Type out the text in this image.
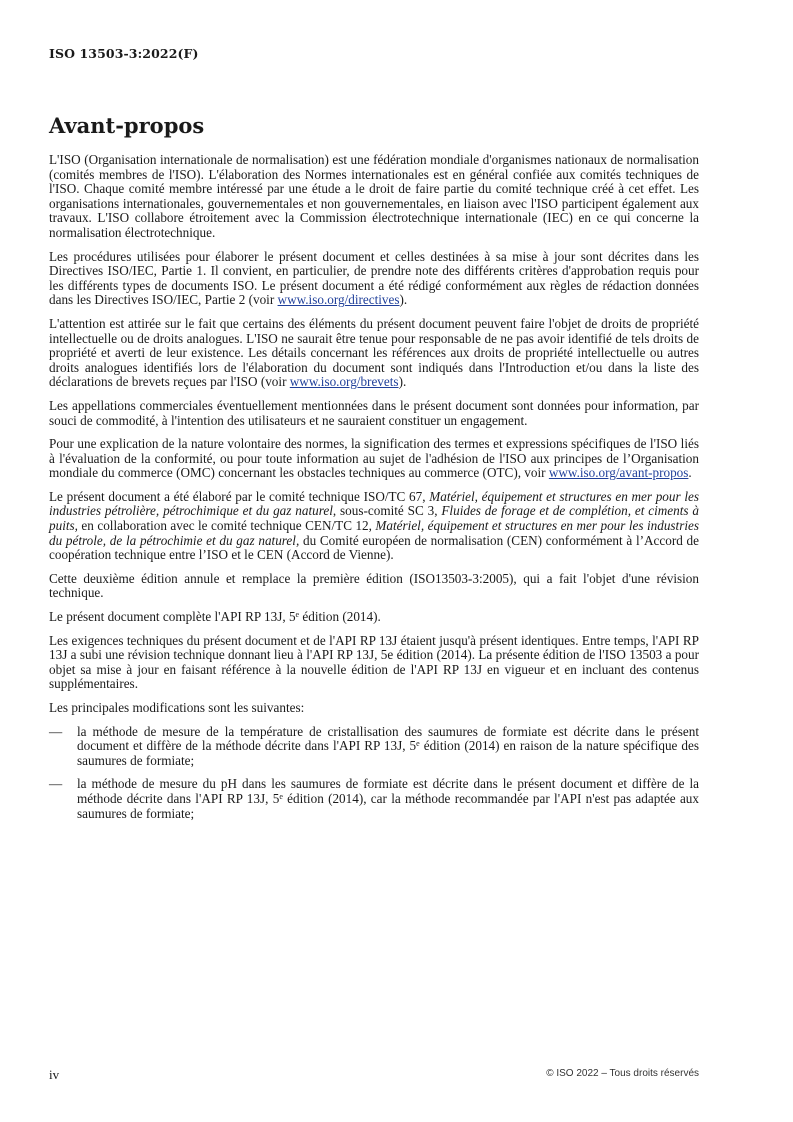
ISO 13503-3:2022(F)
Avant-propos

L'ISO (Organisation internationale de normalisation) est une fédération mondiale d'organismes nationaux de normalisation (comités membres de l'ISO). L'élaboration des Normes internationales est en général confiée aux comités techniques de l'ISO. Chaque comité membre intéressé par une étude a le droit de faire partie du comité technique créé à cet effet. Les organisations internationales, gouvernementales et non gouvernementales, en liaison avec l'ISO participent également aux travaux. L'ISO collabore étroitement avec la Commission électrotechnique internationale (IEC) en ce qui concerne la normalisation électrotechnique.

Les procédures utilisées pour élaborer le présent document et celles destinées à sa mise à jour sont décrites dans les Directives ISO/IEC, Partie 1. Il convient, en particulier, de prendre note des différents critères d'approbation requis pour les différents types de documents ISO. Le présent document a été rédigé conformément aux règles de rédaction données dans les Directives ISO/IEC, Partie 2 (voir www.iso.org/directives).

L'attention est attirée sur le fait que certains des éléments du présent document peuvent faire l'objet de droits de propriété intellectuelle ou de droits analogues. L'ISO ne saurait être tenue pour responsable de ne pas avoir identifié de tels droits de propriété et averti de leur existence. Les détails concernant les références aux droits de propriété intellectuelle ou autres droits analogues identifiés lors de l'élaboration du document sont indiqués dans l'Introduction et/ou dans la liste des déclarations de brevets reçues par l'ISO (voir www.iso.org/brevets).

Les appellations commerciales éventuellement mentionnées dans le présent document sont données pour information, par souci de commodité, à l'intention des utilisateurs et ne sauraient constituer un engagement.

Pour une explication de la nature volontaire des normes, la signification des termes et expressions spécifiques de l'ISO liés à l'évaluation de la conformité, ou pour toute information au sujet de l'adhésion de l'ISO aux principes de l’Organisation mondiale du commerce (OMC) concernant les obstacles techniques au commerce (OTC), voir www.iso.org/avant-propos.

Le présent document a été élaboré par le comité technique ISO/TC 67, Matériel, équipement et structures en mer pour les industries pétrolière, pétrochimique et du gaz naturel, sous-comité SC 3, Fluides de forage et de complétion, et ciments à puits, en collaboration avec le comité technique CEN/TC 12, Matériel, équipement et structures en mer pour les industries du pétrole, de la pétrochimie et du gaz naturel, du Comité européen de normalisation (CEN) conformément à l’Accord de coopération technique entre l’ISO et le CEN (Accord de Vienne).

Cette deuxième édition annule et remplace la première édition (ISO13503-3:2005), qui a fait l'objet d'une révision technique.

Le présent document complète l'API RP 13J, 5e édition (2014).

Les exigences techniques du présent document et de l'API RP 13J étaient jusqu'à présent identiques. Entre temps, l'API RP 13J a subi une révision technique donnant lieu à l'API RP 13J, 5e édition (2014). La présente édition de l'ISO 13503 a pour objet sa mise à jour en faisant référence à la nouvelle édition de l'API RP 13J en vigueur et en incluant des contenus supplémentaires.

Les principales modifications sont les suivantes:

— la méthode de mesure de la température de cristallisation des saumures de formiate est décrite dans le présent document et diffère de la méthode décrite dans l'API RP 13J, 5e édition (2014) en raison de la nature spécifique des saumures de formiate;
— la méthode de mesure du pH dans les saumures de formiate est décrite dans le présent document et diffère de la méthode décrite dans l'API RP 13J, 5e édition (2014), car la méthode recommandée par l'API n'est pas adaptée aux saumures de formiate;
iv	© ISO 2022 – Tous droits réservés
